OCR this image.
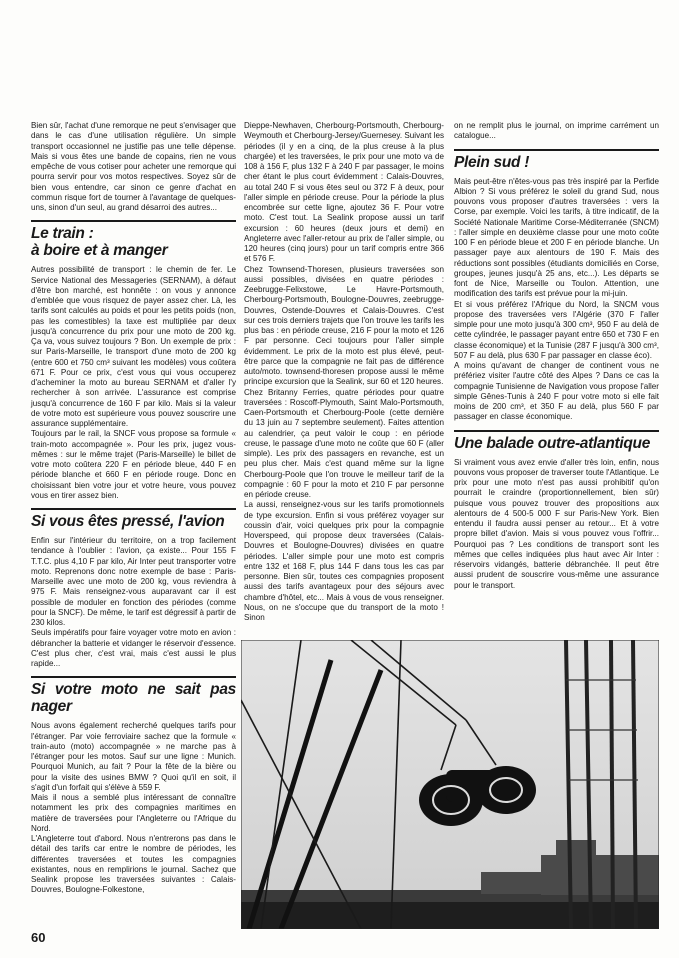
Bien sûr, l'achat d'une remorque ne peut s'envisager que dans le cas d'une utilisation régulière. Un simple transport occasionnel ne justifie pas une telle dépense. Mais si vous êtes une bande de copains, rien ne vous empêche de vous cotiser pour acheter une remorque qui pourra servir pour vos motos respectives. Soyez sûr de bien vous entendre, car sinon ce genre d'achat en commun risque fort de tourner à l'avantage de quelques-uns, sinon d'un seul, au grand désarroi des autres...

Le train :
à boire et à manger

Autres possibilité de transport : le chemin de fer. Le Service National des Messageries (SERNAM), à défaut d'être bon marché, est honnête : on vous y annonce d'emblée que vous risquez de payer assez cher. Là, les tarifs sont calculés au poids et pour les petits poids (non, pas les comestibles) la taxe est multipliée par deux jusqu'à concurrence du prix pour une moto de 200 kg. Ça va, vous suivez toujours ? Bon. Un exemple de prix : sur Paris-Marseille, le transport d'une moto de 200 kg (entre 600 et 750 cm³ suivant les modèles) vous coûtera 671 F. Pour ce prix, c'est vous qui vous occuperez d'acheminer la moto au bureau SERNAM et d'aller l'y rechercher à son arrivée. L'assurance est comprise jusqu'à concurrence de 160 F par kilo. Mais si la valeur de votre moto est supérieure vous pouvez souscrire une assurance supplémentaire.

Toujours par le rail, la SNCF vous propose sa formule « train-moto accompagnée ». Pour les prix, jugez vous-mêmes : sur le même trajet (Paris-Marseille) le billet de votre moto coûtera 220 F en période bleue, 440 F en période blanche et 660 F en période rouge. Donc en choisissant bien votre jour et votre heure, vous pouvez vous en tirer assez bien.

Si vous êtes pressé, l'avion

Enfin sur l'intérieur du territoire, on a trop facilement tendance à l'oublier : l'avion, ça existe... Pour 155 F T.T.C. plus 4,10 F par kilo, Air Inter peut transporter votre moto. Reprenons donc notre exemple de base : Paris-Marseille avec une moto de 200 kg, vous reviendra à 975 F. Mais renseignez-vous auparavant car il est possible de moduler en fonction des périodes (comme pour la SNCF). De même, le tarif est dégressif à partir de 230 kilos.

Seuls impératifs pour faire voyager votre moto en avion : débrancher la batterie et vidanger le réservoir d'essence. C'est plus cher, c'est vrai, mais c'est aussi le plus rapide...

Si votre moto ne sait pas nager

Nous avons également recherché quelques tarifs pour l'étranger. Par voie ferroviaire sachez que la formule « train-auto (moto) accompagnée » ne marche pas à l'étranger pour les motos. Sauf sur une ligne : Munich. Pourquoi Munich, au fait ? Pour la fête de la bière ou pour la visite des usines BMW ? Quoi qu'il en soit, il s'agit d'un forfait qui s'élève à 559 F.

Mais il nous a semblé plus intéressant de connaître notamment les prix des compagnies maritimes en matière de traversées pour l'Angleterre ou l'Afrique du Nord.

L'Angleterre tout d'abord. Nous n'entrerons pas dans le détail des tarifs car entre le nombre de périodes, les différentes traversées et toutes les compagnies existantes, nous en remplirions le journal. Sachez que Sealink propose les traversées suivantes : Calais-Douvres, Boulogne-Folkestone,

Dieppe-Newhaven, Cherbourg-Portsmouth, Cherbourg-Weymouth et Cherbourg-Jersey/Guernesey. Suivant les périodes (il y en a cinq, de la plus creuse à la plus chargée) et les traversées, le prix pour une moto va de 108 à 156 F, plus 132 F à 240 F par passager, le moins cher étant le plus court évidemment : Calais-Douvres, au total 240 F si vous êtes seul ou 372 F à deux, pour l'aller simple en période creuse. Pour la période la plus encombrée sur cette ligne, ajoutez 36 F. Pour votre moto. C'est tout. La Sealink propose aussi un tarif excursion : 60 heures (deux jours et demi) en Angleterre avec l'aller-retour au prix de l'aller simple, ou 120 heures (cinq jours) pour un tarif compris entre 366 et 576 F.

Chez Townsend-Thoresen, plusieurs traversées son aussi possibles, divisées en quatre périodes : Zeebrugge-Felixstowe, Le Havre-Portsmouth, Cherbourg-Portsmouth, Boulogne-Douvres, zeebrugge-Douvres, Ostende-Douvres et Calais-Douvres. C'est sur ces trois derniers trajets que l'on trouve les tarifs les plus bas : en période creuse, 216 F pour la moto et 126 F par personne. Ceci toujours pour l'aller simple évidemment. Le prix de la moto est plus élevé, peut-être parce que la compagnie ne fait pas de différence auto/moto. townsend-thoresen propose aussi le même principe excursion que la Sealink, sur 60 et 120 heures.

Chez Britanny Ferries, quatre périodes pour quatre traversées : Roscoff-Plymouth, Saint Malo-Portsmouth, Caen-Portsmouth et Cherbourg-Poole (cette dernière du 13 juin au 7 septembre seulement). Faites attention au calendrier, ça peut valoir le coup : en période creuse, le passage d'une moto ne coûte que 60 F (aller simple). Les prix des passagers en revanche, est un peu plus cher. Mais c'est quand même sur la ligne Cherbourg-Poole que l'on trouve le meilleur tarif de la compagnie : 60 F pour la moto et 210 F par personne en période creuse.

La aussi, renseignez-vous sur les tarifs promotionnels de type excursion. Enfin si vous préférez voyager sur coussin d'air, voici quelques prix pour la compagnie Hoverspeed, qui propose deux traversées (Calais-Douvres et Boulogne-Douvres) divisées en quatre périodes. L'aller simple pour une moto est compris entre 132 et 168 F, plus 144 F dans tous les cas par personne. Bien sûr, toutes ces compagnies proposent aussi des tarifs avantageux pour des séjours avec chambre d'hôtel, etc... Mais à vous de vous renseigner. Nous, on ne s'occupe que du transport de la moto ! Sinon

on ne remplit plus le journal, on imprime carrément un catalogue...

Plein sud !

Mais peut-être n'êtes-vous pas très inspiré par la Perfide Albion ? Si vous préférez le soleil du grand Sud, nous pouvons vous proposer d'autres traversées : vers la Corse, par exemple. Voici les tarifs, à titre indicatif, de la Société Nationale Maritime Corse-Méditerranée (SNCM) : l'aller simple en deuxième classe pour une moto coûte 100 F en période bleue et 200 F en période blanche. Un passager paye aux alentours de 190 F. Mais des réductions sont possibles (étudiants domiciliés en Corse, groupes, jeunes jusqu'à 25 ans, etc...). Les départs se font de Nice, Marseille ou Toulon. Attention, une modification des tarifs est prévue pour la mi-juin.

Et si vous préférez l'Afrique du Nord, la SNCM vous propose des traversées vers l'Algérie (370 F l'aller simple pour une moto jusqu'à 300 cm³, 950 F au delà de cette cylindrée, le passager payant entre 650 et 730 F en classe économique) et la Tunisie (287 F jusqu'à 300 cm³, 507 F au delà, plus 630 F par passager en classe éco).

A moins qu'avant de changer de continent vous ne préfériez visiter l'autre côté des Alpes ? Dans ce cas la compagnie Tunisienne de Navigation vous propose l'aller simple Gênes-Tunis à 240 F pour votre moto si elle fait moins de 200 cm³, et 350 F au delà, plus 560 F par passager en classe économique.

Une balade outre-atlantique

Si vraiment vous avez envie d'aller très loin, enfin, nous pouvons vous proposer de traverser toute l'Atlantique. Le prix pour une moto n'est pas aussi prohibitif qu'on pourrait le craindre (proportionnellement, bien sûr) puisque vous pouvez trouver des propositions aux alentours de 4 500-5 000 F sur Paris-New York. Bien entendu il faudra aussi penser au retour... Et à votre propre billet d'avion. Mais si vous pouvez vous l'offrir... Pourquoi pas ? Les conditions de transport sont les mêmes que celles indiquées plus haut avec Air Inter : réservoirs vidangés, batterie débranchée. Il peut être aussi prudent de souscrire vous-même une assurance pour le transport.

60
